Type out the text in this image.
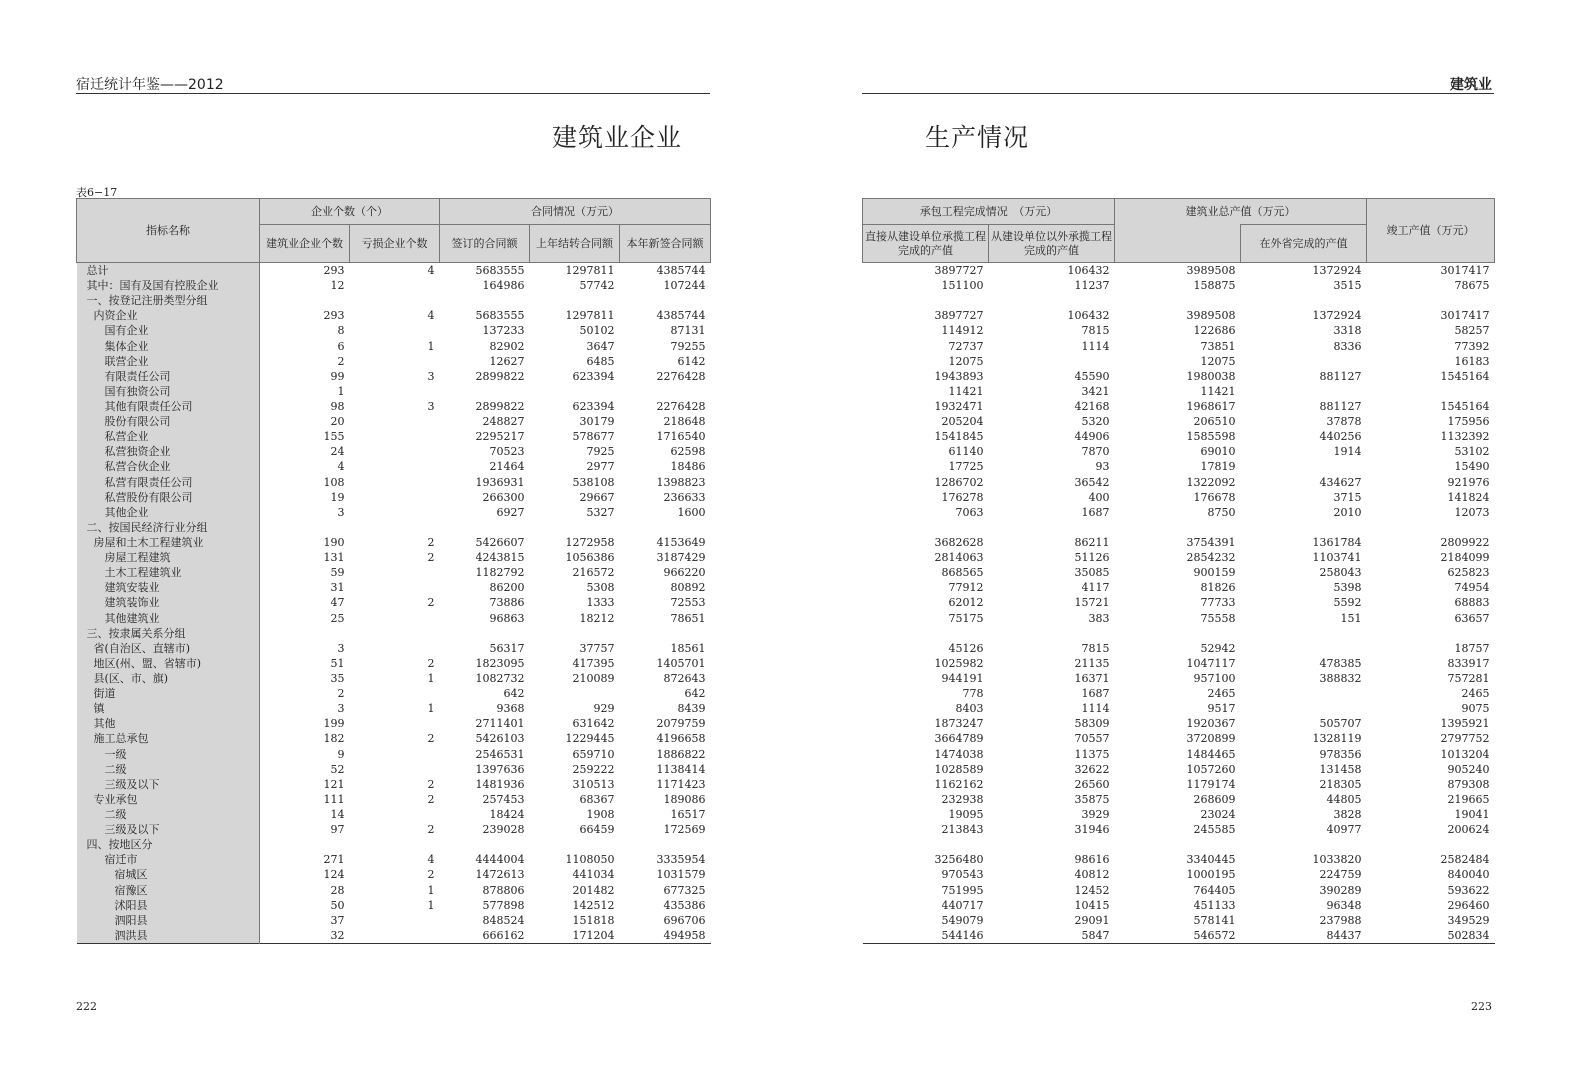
宿迁统计年鉴——2012	建筑业
建筑业企业	生产情况
表6−17
指标名称	企业个数（个）		合同情况（万元）		
	建筑业企业个数	亏损企业个数	签订的合同额	上年结转合同额	本年新签合同额
总计	293	4	5683555	1297811	4385744
其中：国有及国有控股企业	12		164986	57742	107244
一、按登记注册类型分组					
内资企业	293	4	5683555	1297811	4385744
国有企业	8		137233	50102	87131
集体企业	6	1	82902	3647	79255
联营企业	2		12627	6485	6142
有限责任公司	99	3	2899822	623394	2276428
国有独资公司	1				
其他有限责任公司	98	3	2899822	623394	2276428
股份有限公司	20		248827	30179	218648
私营企业	155		2295217	578677	1716540
私营独资企业	24		70523	7925	62598
私营合伙企业	4		21464	2977	18486
私营有限责任公司	108		1936931	538108	1398823
私营股份有限公司	19		266300	29667	236633
其他企业	3		6927	5327	1600
二、按国民经济行业分组					
房屋和土木工程建筑业	190	2	5426607	1272958	4153649
房屋工程建筑	131	2	4243815	1056386	3187429
土木工程建筑业	59		1182792	216572	966220
建筑安装业	31		86200	5308	80892
建筑装饰业	47	2	73886	1333	72553
其他建筑业	25		96863	18212	78651
三、按隶属关系分组					
省(自治区、直辖市)	3		56317	37757	18561
地区(州、盟、省辖市)	51	2	1823095	417395	1405701
县(区、市、旗)	35	1	1082732	210089	872643
街道	2		642		642
镇	3	1	9368	929	8439
其他	199		2711401	631642	2079759
施工总承包	182	2	5426103	1229445	4196658
一级	9		2546531	659710	1886822
二级	52		1397636	259222	1138414
三级及以下	121	2	1481936	310513	1171423
专业承包	111	2	257453	68367	189086
二级	14		18424	1908	16517
三级及以下	97	2	239028	66459	172569
四、按地区分					
宿迁市	271	4	4444004	1108050	3335954
宿城区	124	2	1472613	441034	1031579
宿豫区	28	1	878806	201482	677325
沭阳县	50	1	577898	142512	435386
泗阳县	37		848524	151818	696706
泗洪县	32		666162	171204	494958
承包工程完成情况　（万元）		建筑业总产值（万元）		竣工产值（万元）
直接从建设单位承揽工程完成的产值	从建设单位以外承揽工程完成的产值		在外省完成的产值	
3897727	106432	3989508	1372924	3017417
151100	11237	158875	3515	78675

3897727	106432	3989508	1372924	3017417
114912	7815	122686	3318	58257
72737	1114	73851	8336	77392
12075		12075		16183
1943893	45590	1980038	881127	1545164
11421	3421	11421		
1932471	42168	1968617	881127	1545164
205204	5320	206510	37878	175956
1541845	44906	1585598	440256	1132392
61140	7870	69010	1914	53102
17725	93	17819		15490
1286702	36542	1322092	434627	921976
176278	400	176678	3715	141824
7063	1687	8750	2010	12073

3682628	86211	3754391	1361784	2809922
2814063	51126	2854232	1103741	2184099
868565	35085	900159	258043	625823
77912	4117	81826	5398	74954
62012	15721	77733	5592	68883
75175	383	75558	151	63657

45126	7815	52942		18757
1025982	21135	1047117	478385	833917
944191	16371	957100	388832	757281
778	1687	2465		2465
8403	1114	9517		9075
1873247	58309	1920367	505707	1395921
3664789	70557	3720899	1328119	2797752
1474038	11375	1484465	978356	1013204
1028589	32622	1057260	131458	905240
1162162	26560	1179174	218305	879308
232938	35875	268609	44805	219665
19095	3929	23024	3828	19041
213843	31946	245585	40977	200624

3256480	98616	3340445	1033820	2582484
970543	40812	1000195	224759	840040
751995	12452	764405	390289	593622
440717	10415	451133	96348	296460
549079	29091	578141	237988	349529
544146	5847	546572	84437	502834
222	223
